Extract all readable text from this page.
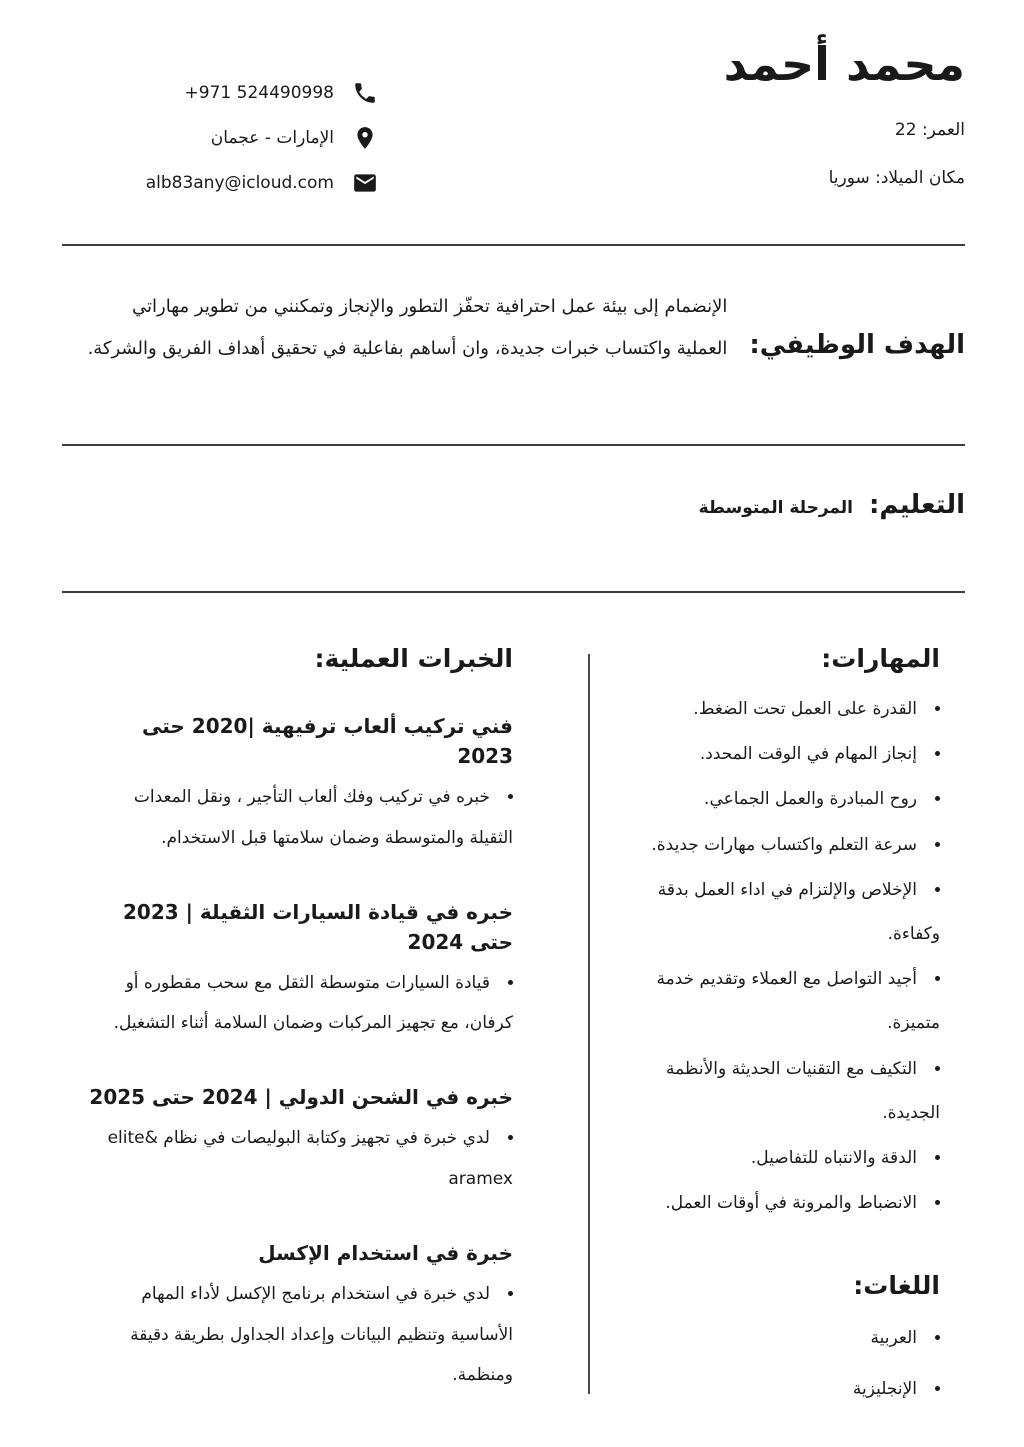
محمد أحمد
العمر: 22
مكان الميلاد: سوريا
+971 524490998
الإمارات - عجمان
alb83any@icloud.com
الهدف الوظيفي:

الإنضمام إلى بيئة عمل احترافية تحفّز التطور والإنجاز وتمكنني من تطوير مهاراتي العملية واكتساب خبرات جديدة، وان أساهم بفاعلية في تحقيق أهداف الفريق والشركة.

التعليم:
المرحلة المتوسطة
المهارات:
• القدرة على العمل تحت الضغط.
• إنجاز المهام في الوقت المحدد.
• روح المبادرة والعمل الجماعي.
• سرعة التعلم واكتساب مهارات جديدة.
• الإخلاص والإلتزام في اداء العمل بدقة وكفاءة.
• أجيد التواصل مع العملاء وتقديم خدمة متميزة.
• التكيف مع التقنيات الحديثة والأنظمة الجديدة.
• الدقة والانتباه للتفاصيل.
• الانضباط والمرونة في أوقات العمل.
اللغات:
• العربية
• الإنجليزية
الخبرات العملية:
فني تركيب ألعاب ترفيهية |2020 حتى 2023
• خبره في تركيب وفك ألعاب التأجير ، ونقل المعدات الثقيلة والمتوسطة وضمان سلامتها قبل الاستخدام.
خبره في قيادة السيارات الثقيلة | 2023 حتى 2024
• قيادة السيارات متوسطة الثقل مع سحب مقطوره أو كرفان، مع تجهيز المركبات وضمان السلامة أثناء التشغيل.
خبره في الشحن الدولي | 2024 حتى 2025
• لدي خبرة في تجهيز وكتابة البوليصات في نظام elite& aramex
خبرة في استخدام الإكسل
• لدي خبرة في استخدام برنامج الإكسل لأداء المهام الأساسية وتنظيم البيانات وإعداد الجداول بطريقة دقيقة ومنظمة.
